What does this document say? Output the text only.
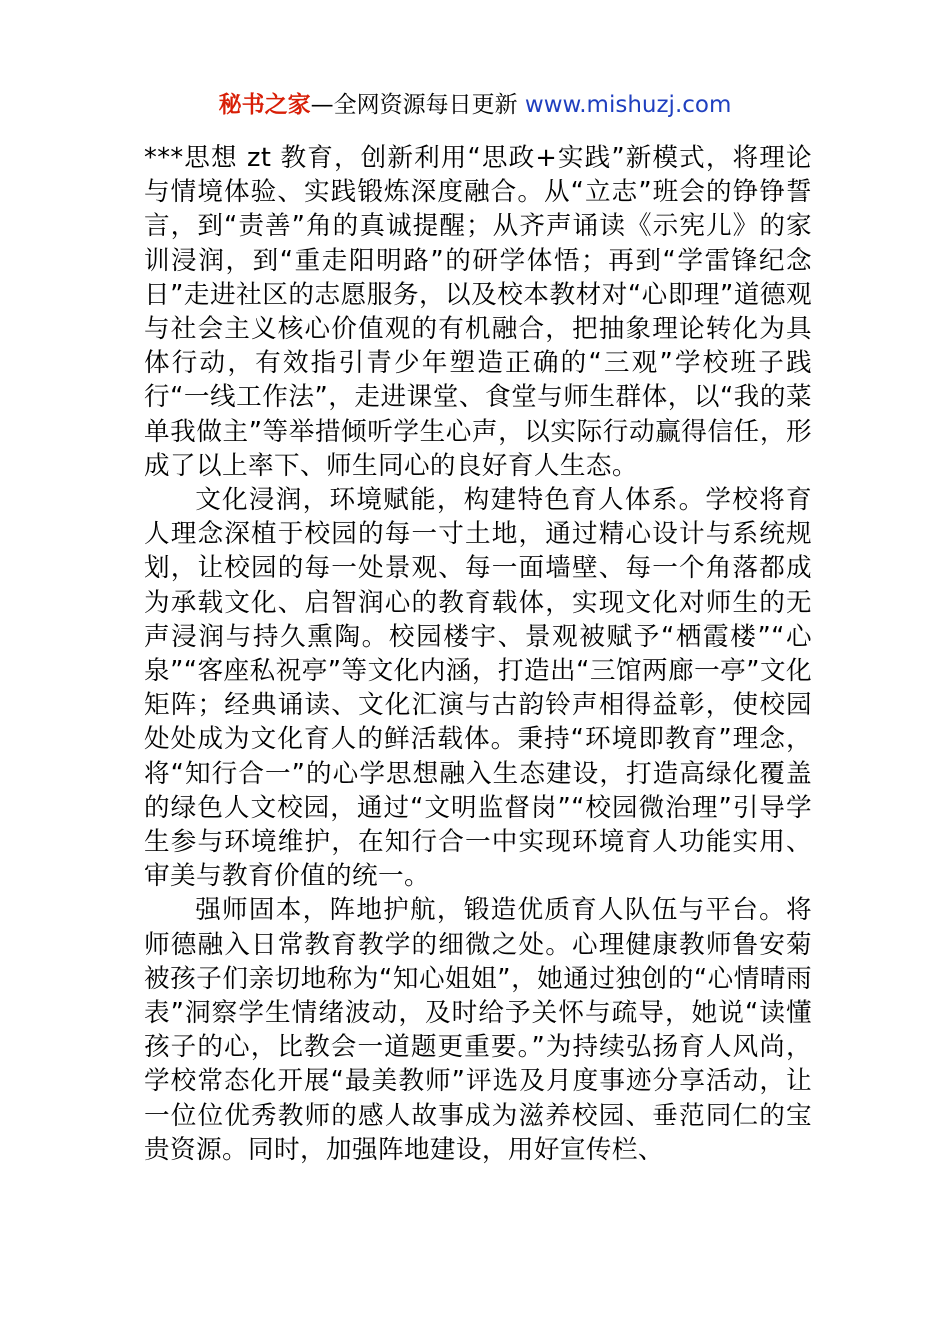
秘书之家—全网资源每日更新 www.mishuzj.com

***思想 zt 教育，创新利用“思政+实践”新模式，将理论与情境体验、实践锻炼深度融合。从“立志”班会的铮铮誓言，到“责善”角的真诚提醒；从齐声诵读《示宪儿》的家训浸润，到“重走阳明路”的研学体悟；再到“学雷锋纪念日”走进社区的志愿服务，以及校本教材对“心即理”道德观与社会主义核心价值观的有机融合，把抽象理论转化为具体行动，有效指引青少年塑造正确的“三观”学校班子践行“一线工作法”，走进课堂、食堂与师生群体，以“我的菜单我做主”等举措倾听学生心声，以实际行动赢得信任，形成了以上率下、师生同心的良好育人生态。

文化浸润，环境赋能，构建特色育人体系。学校将育人理念深植于校园的每一寸土地，通过精心设计与系统规划，让校园的每一处景观、每一面墙壁、每一个角落都成为承载文化、启智润心的教育载体，实现文化对师生的无声浸润与持久熏陶。校园楼宇、景观被赋予“栖霞楼”“心泉”“客座私祝亭”等文化内涵，打造出“三馆两廊一亭”文化矩阵；经典诵读、文化汇演与古韵铃声相得益彰，使校园处处成为文化育人的鲜活载体。秉持“环境即教育”理念，将“知行合一”的心学思想融入生态建设，打造高绿化覆盖的绿色人文校园，通过“文明监督岗”“校园微治理”引导学生参与环境维护，在知行合一中实现环境育人功能实用、审美与教育价值的统一。

强师固本，阵地护航，锻造优质育人队伍与平台。将师德融入日常教育教学的细微之处。心理健康教师鲁安菊被孩子们亲切地称为“知心姐姐”，她通过独创的“心情晴雨表”洞察学生情绪波动，及时给予关怀与疏导，她说“读懂孩子的心，比教会一道题更重要。”为持续弘扬育人风尚，学校常态化开展“最美教师”评选及月度事迹分享活动，让一位位优秀教师的感人故事成为滋养校园、垂范同仁的宝贵资源。同时，加强阵地建设，用好宣传栏、
